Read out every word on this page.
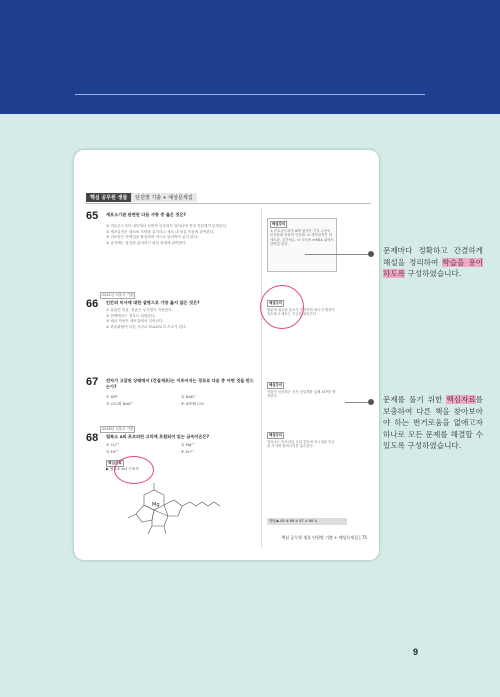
핵심 공무원 생물	단원별 기출 + 예상문제집
65 세포소기관 관련된 다음 사항 중 옳은 것은?
① 미토콘드리아 내부에서 산화적 인산화가 일어나며 전자 전달계가 존재한다.
② 세포골격은 세포의 모양을 유지하고 세포 내 물질 이동에 관여한다.
③ 리보솜은 단백질을 합성하며 막으로 둘러싸여 있지 않다.
④ 골지체는 물질을 분비하기 위한 과정에 관여한다.
2021년 서울시 기출
66 인간의 미사에 대한 설명으로 가장 옳지 않은 것은?
① 효율은 인슐, 칼슘은 무기염이 작용한다.
② 단백에서는 항호르 설명한다.
③ 세균 작용은 세포질에서 일어난다.
④ 탄수화합이 다른 거리나 TCA회로의 기초가 된다.
67 전자가 고갈된 상태에서 (간질세포)는 이루어지는 경로로 다음 중 어떤 것을 만드는가?
① ATP	② NAD⁺
③ CO₂와 NAD⁺	④ ATP와 CO₂
2018년 서울시 기출
68 엽록소 a의 포르피린 고리에 포함되어 있는 금속이온은?
① Cu²⁺	② Mg²⁺
③ Fe²⁺	④ Zn²⁺
핵심자료
▶ 엽록소 a의 구조식
Mg
해설강의
① 미토콘드리아 ATP 합성은 기질 수준의 인산화와 산화적 인산화. ② 세포골격은 미세소관, 중간섬유. ③ 리보솜 mRNA 위에서 단백질 합성.
해설강의
탈분에 필요한 효소가 부족하면 에너지 생성이 감소하고 세포는 기능을 잃어간다.
해설강의
산화적 인산화는 전자 전달계를 통해 ATP를 생성한다.
해설강의
엽록소는 포르피린 고리 중앙에 마그네슘 이온을 가지며 빛에너지를 흡수한다.
정답 ▶ 65 ④ 66 ① 67 ② 68 ②
핵심 공무원 생물 단원별 기출 + 예상문제집 | 75
문제마다 정확하고 간결하게 해설을 정리하여 학습을 용이하도록 구성하였습니다.
문제를 풀기 위한 핵심자료를 보충하여 다른 책을 찾아보아야 하는 번거로움을 없애고자 하나로 모든 문제를 해결할 수 있도록 구성하였습니다.
9
